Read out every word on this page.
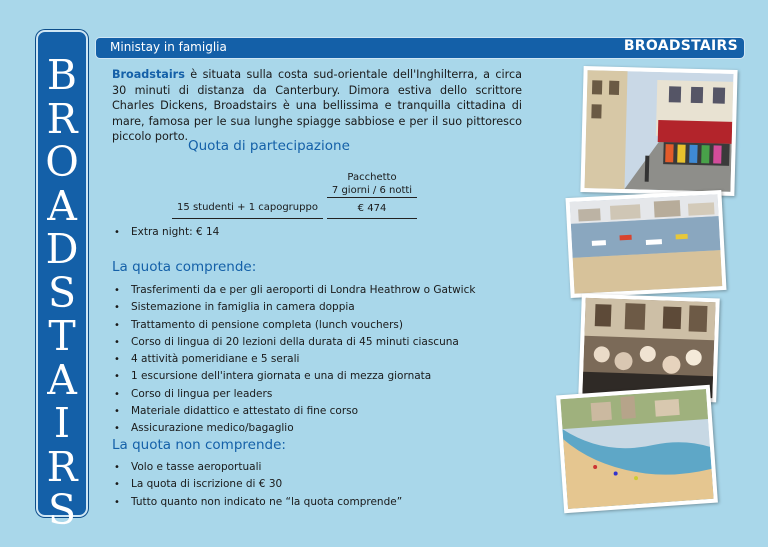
B
R
O
A
D
S
T
A
I
R
S
Ministay in famiglia	BROADSTAIRS
Broadstairs è situata sulla costa sud-orientale dell'Inghilterra, a circa 30 minuti di distanza da Canterbury. Dimora estiva dello scrittore Charles Dickens, Broadstairs è una bellissima e tranquilla cittadina di mare, famosa per le sua lunghe spiagge sabbiose e per il suo pittoresco piccolo porto.
Quota di partecipazione
		Pacchetto
7 giorni / 6 notti
15 studenti + 1 capogruppo		€ 474
• Extra night: € 14
La quota comprende:
• Trasferimenti da e per gli aeroporti di Londra Heathrow o Gatwick
• Sistemazione in famiglia in camera doppia
• Trattamento di pensione completa (lunch vouchers)
• Corso di lingua di 20 lezioni della durata di 45 minuti ciascuna
• 4 attività pomeridiane e 5 serali
• 1 escursione dell'intera giornata e una di mezza giornata
• Corso di lingua per leaders
• Materiale didattico e attestato di fine corso
• Assicurazione medico/bagaglio
La quota non comprende:
• Volo e tasse aeroportuali
• La quota di iscrizione di € 30
• Tutto quanto non indicato ne “la quota comprende”
